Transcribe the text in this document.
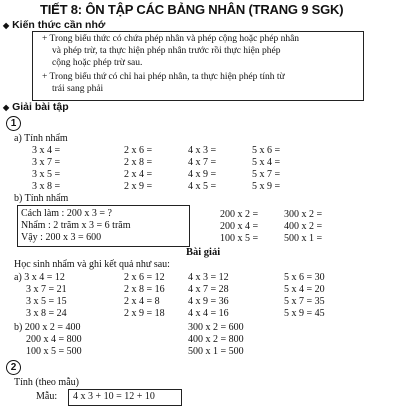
TIẾT 8: ÔN TẬP CÁC BẢNG NHÂN (TRANG 9 SGK)
◆ Kiến thức cần nhớ
+ Trong biểu thức có chứa phép nhân và phép cộng hoặc phép nhân
và phép trừ, ta thực hiện phép nhân trước rồi thực hiện phép
cộng hoặc phép trừ sau.
+ Trong biểu thứ có chỉ hai phép nhân, ta thực hiện phép tính từ
trái sang phải
◆ Giải bài tập
1
a) Tính nhẩm
3 x 4 =
3 x 7 =
3 x 5 =
3 x 8 =
2 x 6 =
2 x 8 =
2 x 4 =
2 x 9 =
4 x 3 =
4 x 7 =
4 x 9 =
4 x 5 =
5 x 6 =
5 x 4 =
5 x 7 =
5 x 9 =
b) Tính nhẩm
Cách làm : 200 x 3 = ?
Nhẩm : 2 trăm x 3 = 6 trăm
Vậy : 200 x 3 = 600
200 x 2 =
200 x 4 =
100 x 5 =
300 x 2 =
400 x 2 =
500 x 1 =
Bài giải
Học sinh nhẩm và ghi kết quả như sau:
a) 3 x 4 = 12
3 x 7 = 21
3 x 5 = 15
3 x 8 = 24
2 x 6 = 12
2 x 8 = 16
2 x 4 = 8
2 x 9 = 18
4 x 3 = 12
4 x 7 = 28
4 x 9 = 36
4 x 4 = 16
5 x 6 = 30
5 x 4 = 20
5 x 7 = 35
5 x 9 = 45
b) 200 x 2 = 400
200 x 4 = 800
100 x 5 = 500
300 x 2 = 600
400 x 2 = 800
500 x 1 = 500
2
Tính (theo mẫu)
Mẫu: 4 x 3 + 10 = 12 + 10
